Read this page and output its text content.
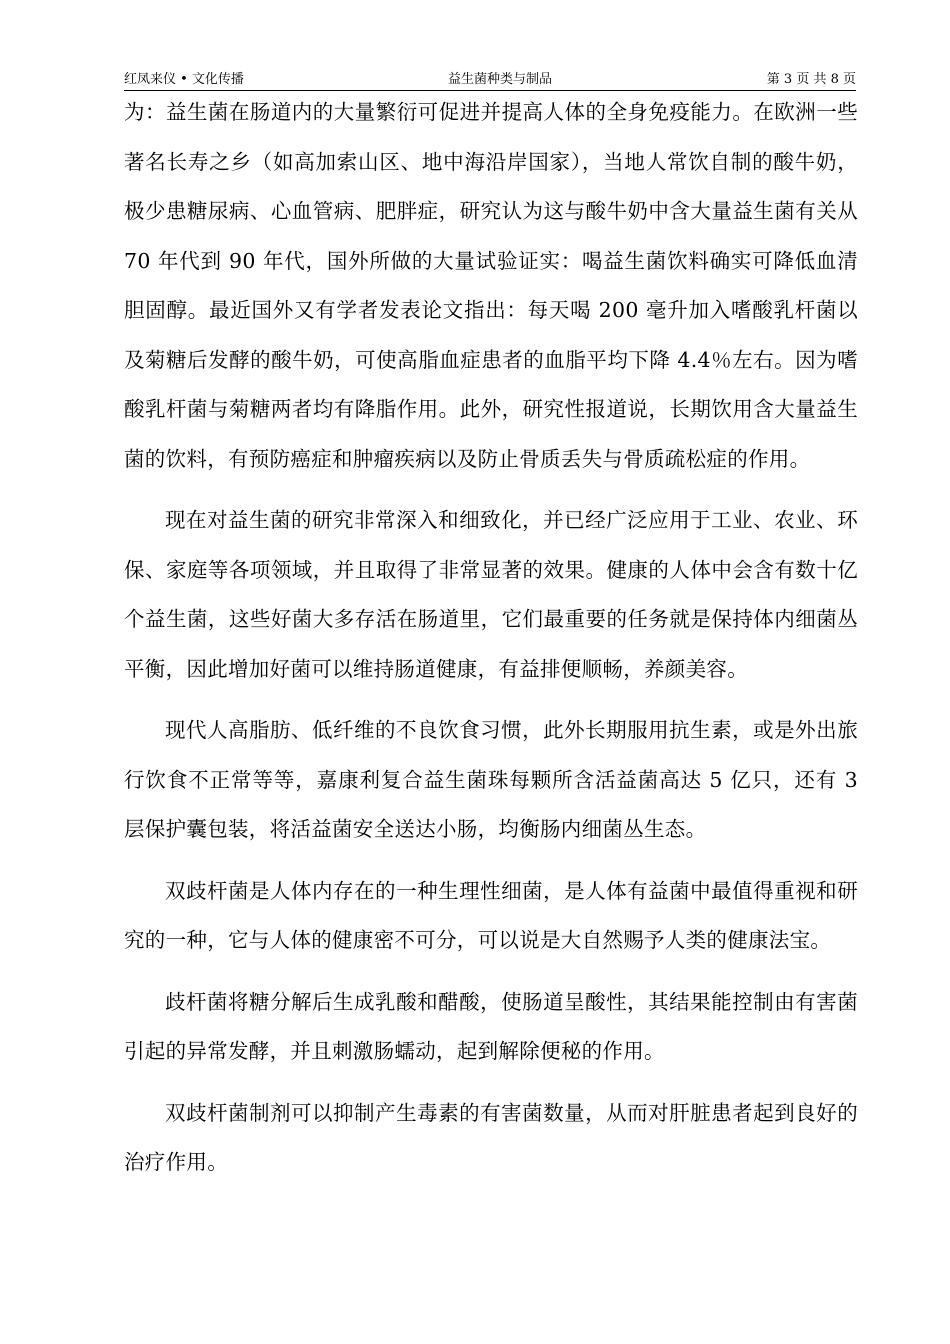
红凤来仪 • 文化传播	益生菌种类与制品	第 3 页 共 8 页

为：益生菌在肠道内的大量繁衍可促进并提高人体的全身免疫能力。在欧洲一些著名长寿之乡（如高加索山区、地中海沿岸国家），当地人常饮自制的酸牛奶，极少患糖尿病、心血管病、肥胖症，研究认为这与酸牛奶中含大量益生菌有关从 70 年代到 90 年代，国外所做的大量试验证实：喝益生菌饮料确实可降低血清胆固醇。最近国外又有学者发表论文指出：每天喝 200 毫升加入嗜酸乳杆菌以及菊糖后发酵的酸牛奶，可使高脂血症患者的血脂平均下降 4.4％左右。因为嗜酸乳杆菌与菊糖两者均有降脂作用。此外，研究性报道说，长期饮用含大量益生菌的饮料，有预防癌症和肿瘤疾病以及防止骨质丢失与骨质疏松症的作用。

现在对益生菌的研究非常深入和细致化，并已经广泛应用于工业、农业、环保、家庭等各项领域，并且取得了非常显著的效果。健康的人体中会含有数十亿个益生菌，这些好菌大多存活在肠道里，它们最重要的任务就是保持体内细菌丛平衡，因此增加好菌可以维持肠道健康，有益排便顺畅，养颜美容。

现代人高脂肪、低纤维的不良饮食习惯，此外长期服用抗生素，或是外出旅行饮食不正常等等，嘉康利复合益生菌珠每颗所含活益菌高达 5 亿只，还有 3 层保护囊包装，将活益菌安全送达小肠，均衡肠内细菌丛生态。

双歧杆菌是人体内存在的一种生理性细菌，是人体有益菌中最值得重视和研究的一种，它与人体的健康密不可分，可以说是大自然赐予人类的健康法宝。

歧杆菌将糖分解后生成乳酸和醋酸，使肠道呈酸性，其结果能控制由有害菌引起的异常发酵，并且刺激肠蠕动，起到解除便秘的作用。

双歧杆菌制剂可以抑制产生毒素的有害菌数量，从而对肝脏患者起到良好的治疗作用。
